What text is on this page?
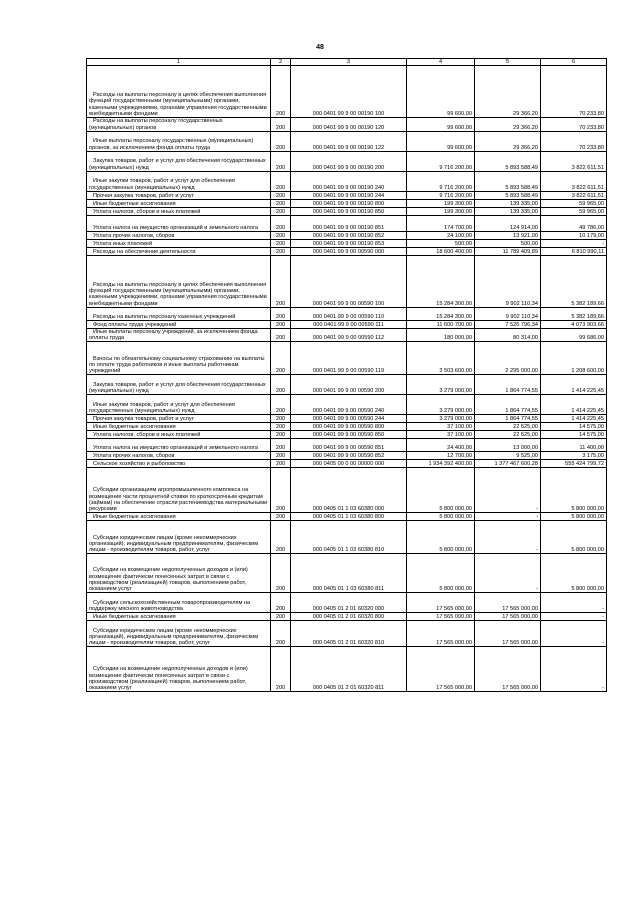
48
1	2	3	4	5	6
Расходы на выплаты персоналу в целях обеспечения выполнения функций государственными (муниципальными) органами, казенными учреждениями, органами управления государственными внебюджетными фондами	200	000 0401 99 9 00 00190 100	99 600,00	29 366,20	70 233,80
Расходы на выплаты персоналу государственных (муниципальных) органов	200	000 0401 99 9 00 00190 120	99 600,00	29 366,20	70 233,80
Иные выплаты персоналу государственных (муниципальных) органов, за исключением фонда оплаты труда	200	000 0401 99 9 00 00190 122	99 600,00	29 366,20	70 233,80
Закупка товаров, работ и услуг для обеспечения государственных (муниципальных) нужд	200	000 0401 99 9 00 00190 200	9 716 200,00	5 893 588,49	3 822 611,51
Иные закупки товаров, работ и услуг для обеспечения государственных (муниципальных) нужд	200	000 0401 99 9 00 00190 240	9 716 200,00	5 893 588,49	3 822 611,51
Прочая закупка товаров, работ и услуг	200	000 0401 99 9 00 00190 244	9 716 200,00	5 893 588,49	3 822 611,51
Иные бюджетные ассигнования	200	000 0401 99 9 00 00190 800	199 300,00	139 335,00	59 965,00
Уплата налогов, сборов и иных платежей	200	000 0401 99 9 00 00190 850	199 300,00	139 335,00	59 965,00
Уплата налога на имущество организаций и земельного налога	200	000 0401 99 9 00 00190 851	174 700,00	124 914,00	49 786,00
Уплата прочих налогов, сборов	200	000 0401 99 9 00 00190 852	24 100,00	13 921,00	10 179,00
Уплата иных платежей	200	000 0401 99 9 00 00190 853	500,00	500,00	-
Расходы на обеспечение деятельности	200	000 0401 99 9 00 00590 000	18 600 400,00	11 789 409,89	6 810 990,11
Расходы на выплаты персоналу в целях обеспечения выполнения функций государственными (муниципальными) органами, казенными учреждениями, органами управления государственными внебюджетными фондами	200	000 0401 99 9 00 00590 100	15 284 300,00	9 902 110,34	5 382 189,66
Расходы на выплаты персоналу казенных учреждений	200	000 0401 99 9 00 00590 110	15 284 300,00	9 902 110,34	5 382 189,66
Фонд оплаты труда учреждений	200	000 0401 99 9 00 00590 111	11 600 700,00	7 526 796,34	4 073 903,66
Иные выплаты персоналу учреждений, за исключением фонда оплаты труда	200	000 0401 99 9 00 00590 112	180 000,00	80 314,00	99 686,00
Взносы по обязательному социальному страхованию на выплаты по оплате труда работников и иные выплаты работникам учреждений	200	000 0401 99 9 00 00590 119	3 503 600,00	2 295 000,00	1 208 600,00
Закупка товаров, работ и услуг для обеспечения государственных (муниципальных) нужд	200	000 0401 99 9 00 00590 200	3 279 000,00	1 864 774,55	1 414 225,45
Иные закупки товаров, работ и услуг для обеспечения государственных (муниципальных) нужд	200	000 0401 99 9 00 00590 240	3 279 000,00	1 864 774,55	1 414 225,45
Прочая закупка товаров, работ и услуг	200	000 0401 99 9 00 00590 244	3 279 000,00	1 864 774,55	1 414 225,45
Иные бюджетные ассигнования	200	000 0401 99 9 00 00590 800	37 100,00	22 525,00	14 575,00
Уплата налогов, сборов и иных платежей	200	000 0401 99 9 00 00590 850	37 100,00	22 525,00	14 575,00
Уплата налога на имущество организаций и земельного налога	200	000 0401 99 9 00 00590 851	24 400,00	13 000,00	11 400,00
Уплата прочих налогов, сборов	200	000 0401 99 9 00 00590 852	12 700,00	9 525,00	3 175,00
Сельское хозяйство и рыболовство	200	000 0405 00 0 00 00000 000	1 934 392 400,00	1 377 467 600,28	555 424 799,72
Субсидии организациям агропромышленного комплекса на возмещение части процентной ставки по краткосрочным кредитам (займам) на обеспечение отрасли растениеводства материальными ресурсами	200	000 0405 01 1 03 60380 000	5 800 000,00	-	5 800 000,00
Иные бюджетные ассигнования	200	000 0405 01 1 03 60380 800	5 800 000,00	-	5 800 000,00
Субсидии юридическим лицам (кроме некоммерческих организаций), индивидуальным предпринимателям, физическим лицам - производителям товаров, работ, услуг	200	000 0405 01 1 03 60380 810	5 800 000,00	-	5 800 000,00
Субсидии на возмещение недополученных доходов и (или) возмещение фактически понесенных затрат в связи с производством (реализацией) товаров, выполнением работ, оказанием услуг	200	000 0405 01 1 03 60380 811	5 800 000,00	-	5 800 000,00
Субсидии сельскохозяйственным товаропроизводителям на поддержку мясного животноводства	200	000 0405 01 2 01 60320 000	17 565 000,00	17 565 000,00	-
Иные бюджетные ассигнования	200	000 0405 01 2 01 60320 800	17 565 000,00	17 565 000,00	-
Субсидии юридическим лицам (кроме некоммерческих организаций), индивидуальным предпринимателям, физическим лицам - производителям товаров, работ, услуг	200	000 0405 01 2 01 60320 810	17 565 000,00	17 565 000,00	-
Субсидии на возмещение недополученных доходов и (или) возмещение фактически понесенных затрат в связи с производством (реализацией) товаров, выполнением работ, оказанием услуг	200	000 0405 01 2 01 60320 811	17 565 000,00	17 565 000,00	-
